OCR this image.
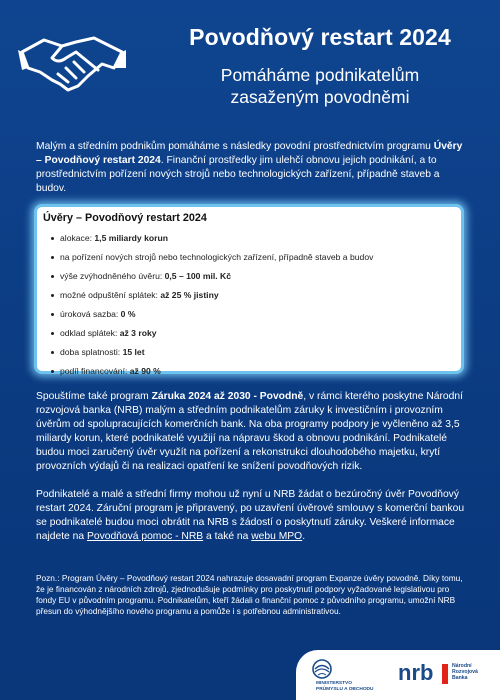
Povodňový restart 2024
Pomáháme podnikatelům
zasaženým povodněmi
Malým a středním podnikům pomáháme s následky povodní prostřednictvím programu Úvěry – Povodňový restart 2024. Finanční prostředky jim ulehčí obnovu jejich podnikání, a to prostřednictvím pořízení nových strojů nebo technologických zařízení, případně staveb a budov.
Úvěry – Povodňový restart 2024
alokace: 1,5 miliardy korun
na pořízení nových strojů nebo technologických zařízení, případně staveb a budov
výše zvýhodněného úvěru: 0,5 – 100 mil. Kč
možné odpuštění splátek: až 25 % jistiny
úroková sazba: 0 %
odklad splátek: až 3 roky
doba splatnosti: 15 let
podíl financování: až 90 %
Spouštíme také program Záruka 2024 až 2030 - Povodně, v rámci kterého poskytne Národní rozvojová banka (NRB) malým a středním podnikatelům záruky k investičním i provozním úvěrům od spolupracujících komerčních bank. Na oba programy podpory je vyčleněno až 3,5 miliardy korun, které podnikatelé využijí na nápravu škod a obnovu podnikání. Podnikatelé budou moci zaručený úvěr využít na pořízení a rekonstrukci dlouhodobého majetku, krytí provozních výdajů či na realizaci opatření ke snížení povodňových rizik.
Podnikatelé a malé a střední firmy mohou už nyní u NRB žádat o bezúročný úvěr Povodňový restart 2024. Záruční program je připravený, po uzavření úvěrové smlouvy s komerční bankou se podnikatelé budou moci obrátit na NRB s žádostí o poskytnutí záruky. Veškeré informace najdete na Povodňová pomoc - NRB a také na webu MPO.
Pozn.: Program Úvěry – Povodňový restart 2024 nahrazuje dosavadní program Expanze úvěry povodně. Díky tomu, že je financován z národních zdrojů, zjednodušuje podmínky pro poskytnutí podpory vyžadované legislativou pro fondy EU v původním programu. Podnikatelům, kteří žádali o finanční pomoc z původního programu, umožní NRB přesun do výhodnějšího nového programu a pomůže i s potřebnou administrativou.
MINISTERSTVO
PRŮMYSLU A OBCHODU
nrb	Národní
Rozvojová
Banka
